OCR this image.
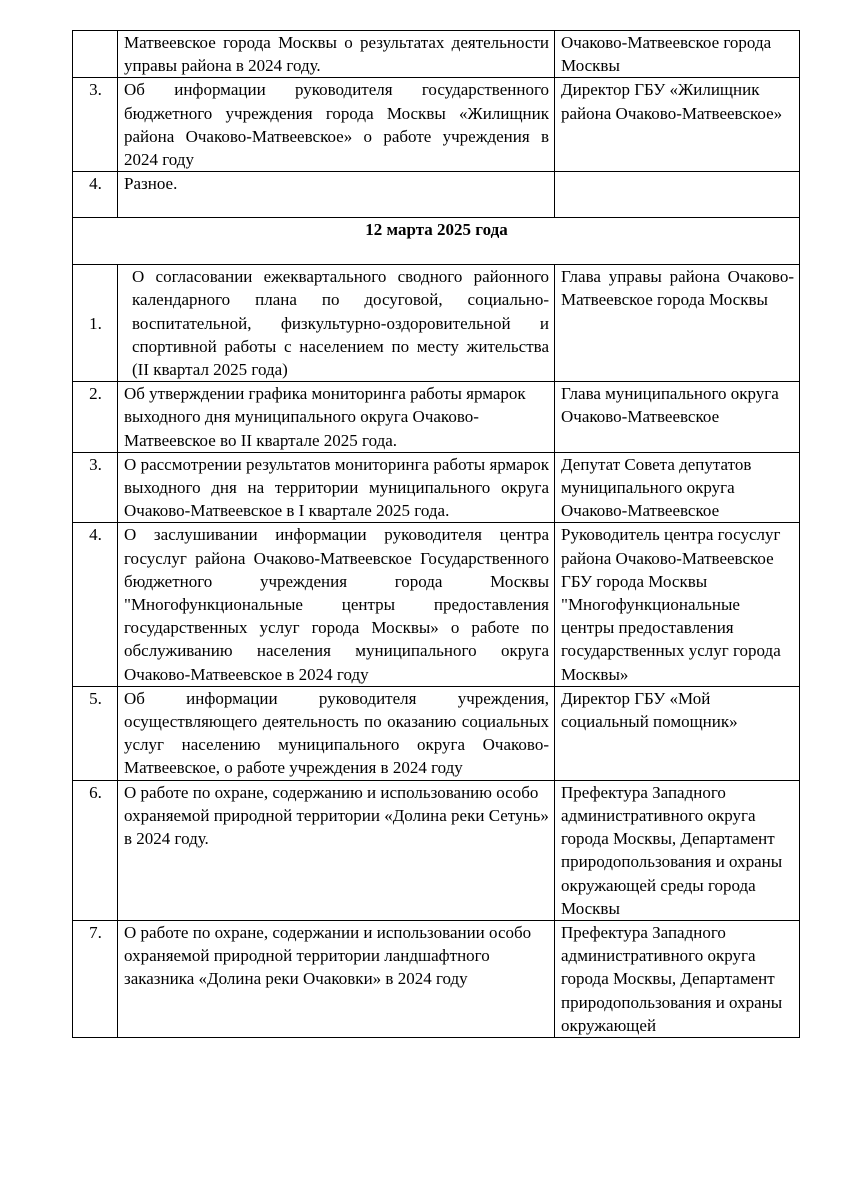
	Матвеевское города Москвы о результатах деятельности управы района в 2024 году.	Очаково-Матвеевское города Москвы
3.	Об информации руководителя государственного бюджетного учреждения города Москвы «Жилищник района Очаково-Матвеевское» о работе учреждения в 2024 году	Директор ГБУ «Жилищник района Очаково-Матвеевское»
4.	Разное.	
12 марта 2025 года		
1.	О согласовании ежеквартального сводного районного календарного плана по досуговой, социально-воспитательной, физкультурно-оздоровительной и спортивной работы с населением по месту жительства (II квартал 2025 года)	Глава управы района Очаково-Матвеевское города Москвы

2.	Об утверждении графика мониторинга работы ярмарок выходного дня муниципального округа Очаково-Матвеевское во II квартале 2025 года.	Глава муниципального округа Очаково-Матвеевское
3.	О рассмотрении результатов мониторинга работы ярмарок выходного дня на территории муниципального округа Очаково-Матвеевское в I квартале 2025 года.	Депутат Совета депутатов муниципального округа Очаково-Матвеевское
4.	О заслушивании информации руководителя центра госуслуг района Очаково-Матвеевское Государственного бюджетного учреждения города Москвы "Многофункциональные центры предоставления государственных услуг города Москвы» о работе по обслуживанию населения муниципального округа Очаково-Матвеевское в 2024 году	Руководитель центра госуслуг района Очаково-Матвеевское ГБУ города Москвы "Многофункциональные центры предоставления государственных услуг города Москвы»
5.	Об информации руководителя учреждения, осуществляющего деятельность по оказанию социальных услуг населению муниципального округа Очаково-Матвеевское, о работе учреждения в 2024 году	Директор ГБУ «Мой социальный помощник»
6.	О работе по охране, содержанию и использованию особо охраняемой природной территории «Долина реки Сетунь» в 2024 году.	Префектура Западного административного округа города Москвы, Департамент природопользования и охраны окружающей среды города Москвы
7.	О работе по охране, содержании и использовании особо охраняемой природной территории ландшафтного заказника «Долина реки Очаковки» в 2024 году	Префектура Западного административного округа города Москвы, Департамент природопользования и охраны окружающей
